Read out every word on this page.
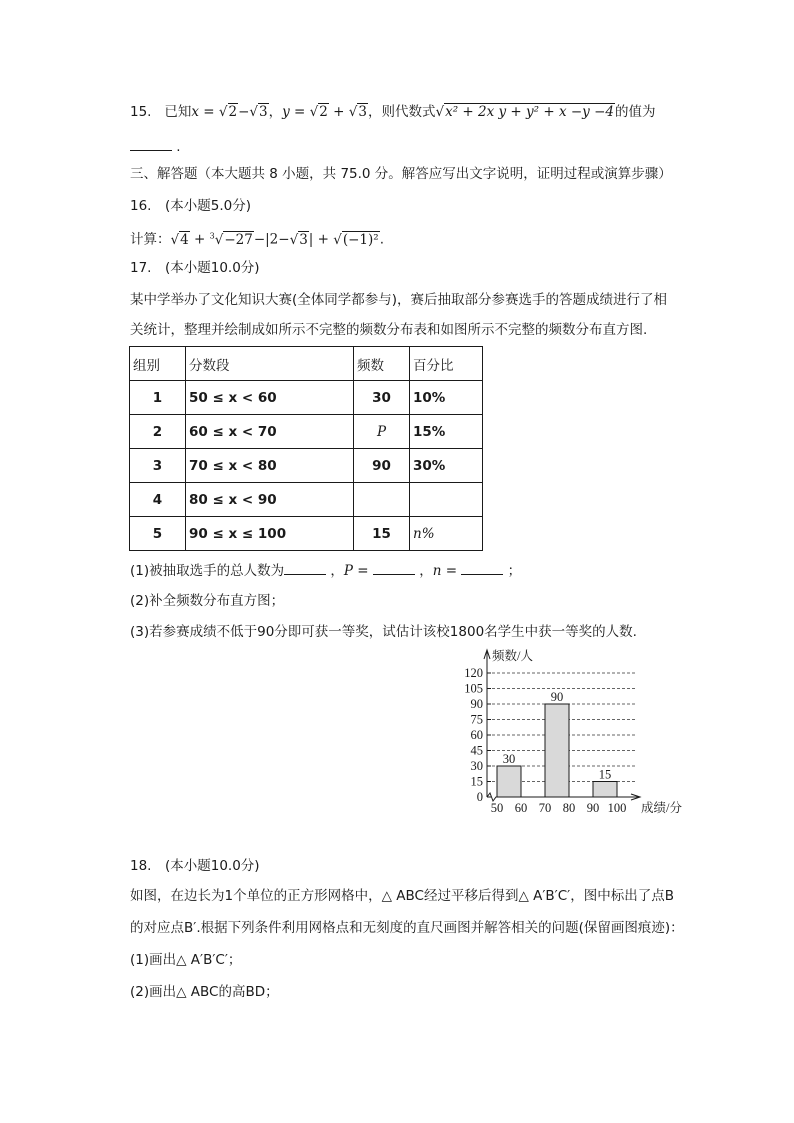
15. 已知x = √2−√3，y = √2 + √3，则代数式√x² + 2x y + y² + x −y −4的值为
.
三、解答题（本大题共 8 小题，共 75.0 分。解答应写出文字说明，证明过程或演算步骤）
16.　(本小题5.0分)
计算：√4 + $^3$√−27−|2−√3| + √(−1)².
17.　(本小题10.0分)
某中学举办了文化知识大赛(全体同学都参与)，赛后抽取部分参赛选手的答题成绩进行了相
关统计，整理并绘制成如所示不完整的频数分布表和如图所示不完整的频数分布直方图.
组别	分数段	频数	百分比
1	50 ≤ x < 60	30	10%
2	60 ≤ x < 70	P	15%
3	70 ≤ x < 80	90	30%
4	80 ≤ x < 90		
5	90 ≤ x ≤ 100	15	n%
(1)被抽取选手的总人数为	，P =	，n =	；
(2)补全频数分布直方图；
(3)若参赛成绩不低于90分即可获一等奖，试估计该校1800名学生中获一等奖的人数.
0
15
30
45
60
75
90
105
120
频数/人
成绩/分
30
90
15
50 60 70 80 90 100
18.　(本小题10.0分)
如图，在边长为1个单位的正方形网格中，△ ABC经过平移后得到△ A′B′C′，图中标出了点B
的对应点B′.根据下列条件利用网格点和无刻度的直尺画图并解答相关的问题(保留画图痕迹)：
(1)画出△ A′B′C′；
(2)画出△ ABC的高BD；
